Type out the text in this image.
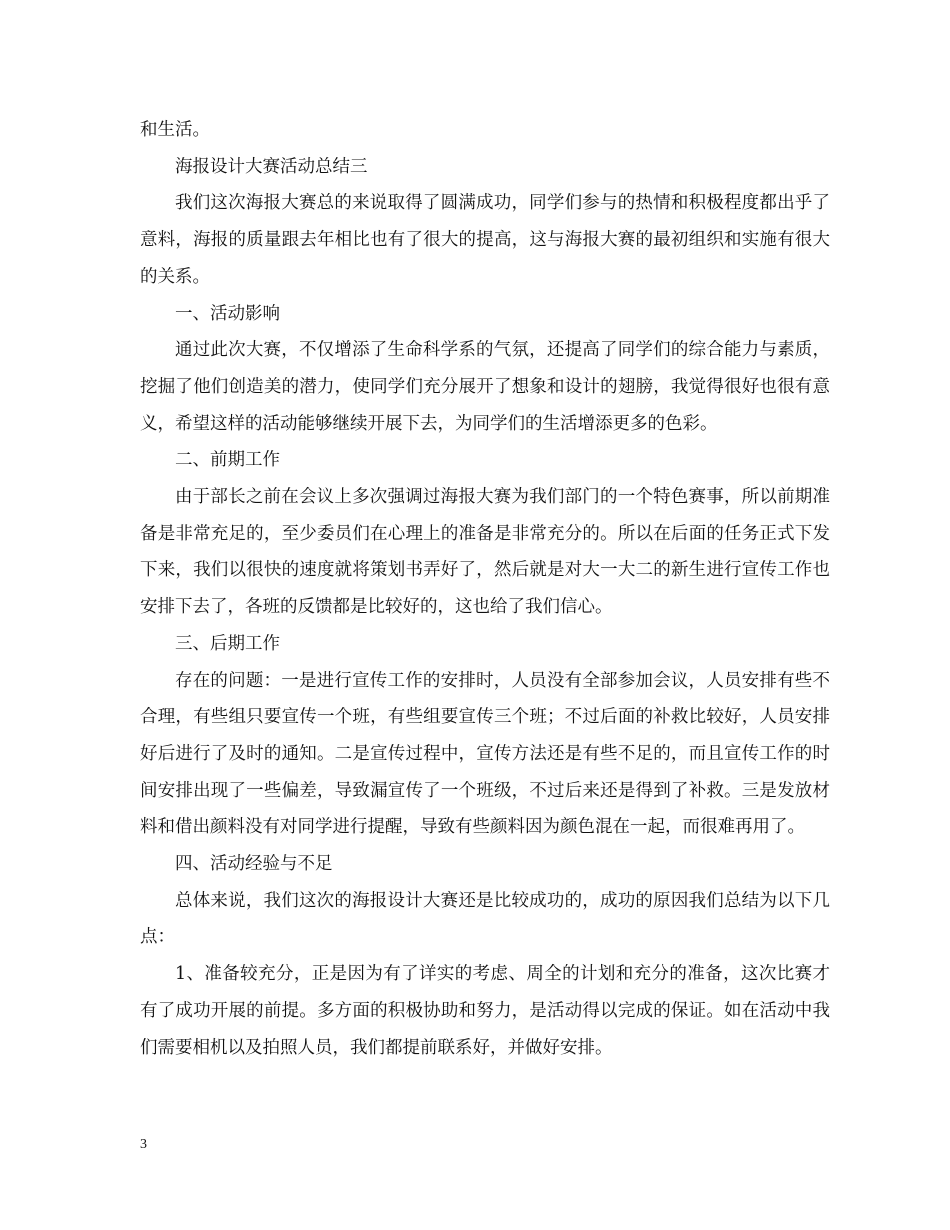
和生活。

海报设计大赛活动总结三

我们这次海报大赛总的来说取得了圆满成功，同学们参与的热情和积极程度都出乎了意料，海报的质量跟去年相比也有了很大的提高，这与海报大赛的最初组织和实施有很大的关系。

一、活动影响

通过此次大赛，不仅增添了生命科学系的气氛，还提高了同学们的综合能力与素质，挖掘了他们创造美的潜力，使同学们充分展开了想象和设计的翅膀，我觉得很好也很有意义，希望这样的活动能够继续开展下去，为同学们的生活增添更多的色彩。

二、前期工作

由于部长之前在会议上多次强调过海报大赛为我们部门的一个特色赛事，所以前期准备是非常充足的，至少委员们在心理上的准备是非常充分的。所以在后面的任务正式下发下来，我们以很快的速度就将策划书弄好了，然后就是对大一大二的新生进行宣传工作也安排下去了，各班的反馈都是比较好的，这也给了我们信心。

三、后期工作

存在的问题：一是进行宣传工作的安排时，人员没有全部参加会议，人员安排有些不合理，有些组只要宣传一个班，有些组要宣传三个班；不过后面的补救比较好，人员安排好后进行了及时的通知。二是宣传过程中，宣传方法还是有些不足的，而且宣传工作的时间安排出现了一些偏差，导致漏宣传了一个班级，不过后来还是得到了补救。三是发放材料和借出颜料没有对同学进行提醒，导致有些颜料因为颜色混在一起，而很难再用了。

四、活动经验与不足

总体来说，我们这次的海报设计大赛还是比较成功的，成功的原因我们总结为以下几点：

1、准备较充分，正是因为有了详实的考虑、周全的计划和充分的准备，这次比赛才有了成功开展的前提。多方面的积极协助和努力，是活动得以完成的保证。如在活动中我们需要相机以及拍照人员，我们都提前联系好，并做好安排。

3
